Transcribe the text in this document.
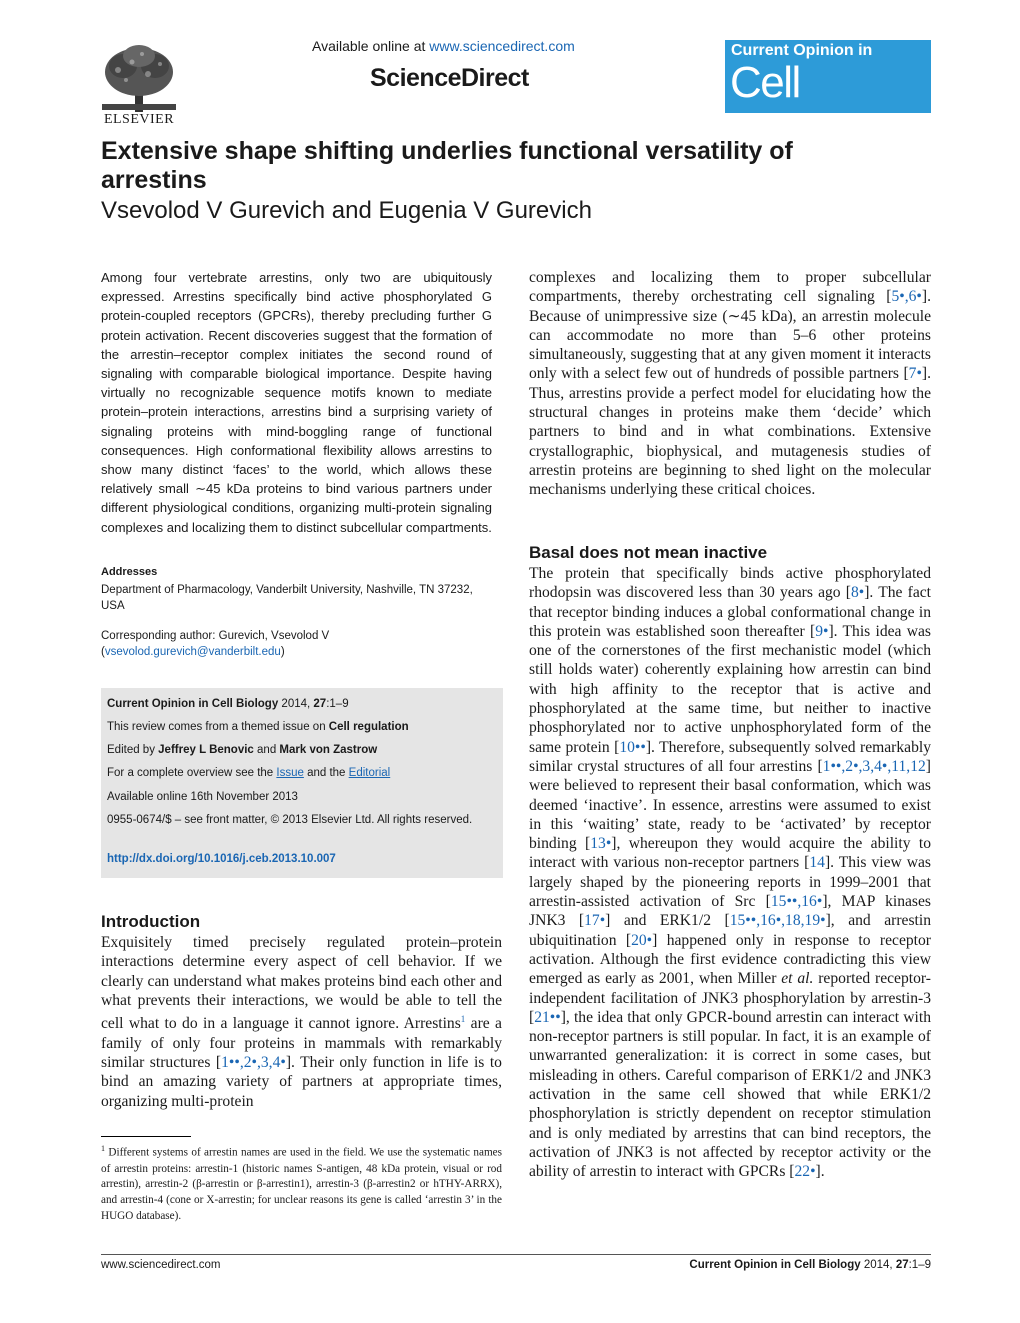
ELSEVIER
Available online at www.sciencedirect.com
ScienceDirect
Current Opinion in
Cell Biology
Extensive shape shifting underlies functional versatility of arrestins
Vsevolod V Gurevich and Eugenia V Gurevich

Among four vertebrate arrestins, only two are ubiquitously expressed. Arrestins specifically bind active phosphorylated G protein-coupled receptors (GPCRs), thereby precluding further G protein activation. Recent discoveries suggest that the formation of the arrestin–receptor complex initiates the second round of signaling with comparable biological importance. Despite having virtually no recognizable sequence motifs known to mediate protein–protein interactions, arrestins bind a surprising variety of signaling proteins with mind-boggling range of functional consequences. High conformational flexibility allows arrestins to show many distinct ‘faces’ to the world, which allows these relatively small ∼45 kDa proteins to bind various partners under different physiological conditions, organizing multi-protein signaling complexes and localizing them to distinct subcellular compartments.

Addresses

Department of Pharmacology, Vanderbilt University, Nashville, TN 37232, USA

Corresponding author: Gurevich, Vsevolod V
(vsevolod.gurevich@vanderbilt.edu)

Current Opinion in Cell Biology 2014, 27:1–9

This review comes from a themed issue on Cell regulation

Edited by Jeffrey L Benovic and Mark von Zastrow

For a complete overview see the Issue and the Editorial

Available online 16th November 2013

0955-0674/$ – see front matter, © 2013 Elsevier Ltd. All rights reserved.

http://dx.doi.org/10.1016/j.ceb.2013.10.007

Introduction

Exquisitely timed precisely regulated protein–protein interactions determine every aspect of cell behavior. If we clearly can understand what makes proteins bind each other and what prevents their interactions, we would be able to tell the cell what to do in a language it cannot ignore. Arrestins$^1$ are a family of only four proteins in mammals with remarkably similar structures [1••,2•,3,4•]. Their only function in life is to bind an amazing variety of partners at appropriate times, organizing multi-protein

$^1$ Different systems of arrestin names are used in the field. We use the systematic names of arrestin proteins: arrestin-1 (historic names S-antigen, 48 kDa protein, visual or rod arrestin), arrestin-2 (β-arrestin or β-arrestin1), arrestin-3 (β-arrestin2 or hTHY-ARRX), and arrestin-4 (cone or X-arrestin; for unclear reasons its gene is called ‘arrestin 3’ in the HUGO database).

complexes and localizing them to proper subcellular compartments, thereby orchestrating cell signaling [5•,6•]. Because of unimpressive size (∼45 kDa), an arrestin molecule can accommodate no more than 5–6 other proteins simultaneously, suggesting that at any given moment it interacts only with a select few out of hundreds of possible partners [7•]. Thus, arrestins provide a perfect model for elucidating how the structural changes in proteins make them ‘decide’ which partners to bind and in what combinations. Extensive crystallographic, biophysical, and mutagenesis studies of arrestin proteins are beginning to shed light on the molecular mechanisms underlying these critical choices.

Basal does not mean inactive

The protein that specifically binds active phosphorylated rhodopsin was discovered less than 30 years ago [8•]. The fact that receptor binding induces a global conformational change in this protein was established soon thereafter [9•]. This idea was one of the cornerstones of the first mechanistic model (which still holds water) coherently explaining how arrestin can bind with high affinity to the receptor that is active and phosphorylated at the same time, but neither to inactive phosphorylated nor to active unphosphorylated form of the same protein [10••]. Therefore, subsequently solved remarkably similar crystal structures of all four arrestins [1••,2•,3,4•,11,12] were believed to represent their basal conformation, which was deemed ‘inactive’. In essence, arrestins were assumed to exist in this ‘waiting’ state, ready to be ‘activated’ by receptor binding [13•], whereupon they would acquire the ability to interact with various non-receptor partners [14]. This view was largely shaped by the pioneering reports in 1999–2001 that arrestin-assisted activation of Src [15••,16•], MAP kinases JNK3 [17•] and ERK1/2 [15••,16•,18,19•], and arrestin ubiquitination [20•] happened only in response to receptor activation. Although the first evidence contradicting this view emerged as early as 2001, when Miller et al. reported receptor-independent facilitation of JNK3 phosphorylation by arrestin-3 [21••], the idea that only GPCR-bound arrestin can interact with non-receptor partners is still popular. In fact, it is an example of unwarranted generalization: it is correct in some cases, but misleading in others. Careful comparison of ERK1/2 and JNK3 activation in the same cell showed that while ERK1/2 phosphorylation is strictly dependent on receptor stimulation and is only mediated by arrestins that can bind receptors, the activation of JNK3 is not affected by receptor activity or the ability of arrestin to interact with GPCRs [22•].

www.sciencedirect.com	Current Opinion in Cell Biology 2014, 27:1–9
